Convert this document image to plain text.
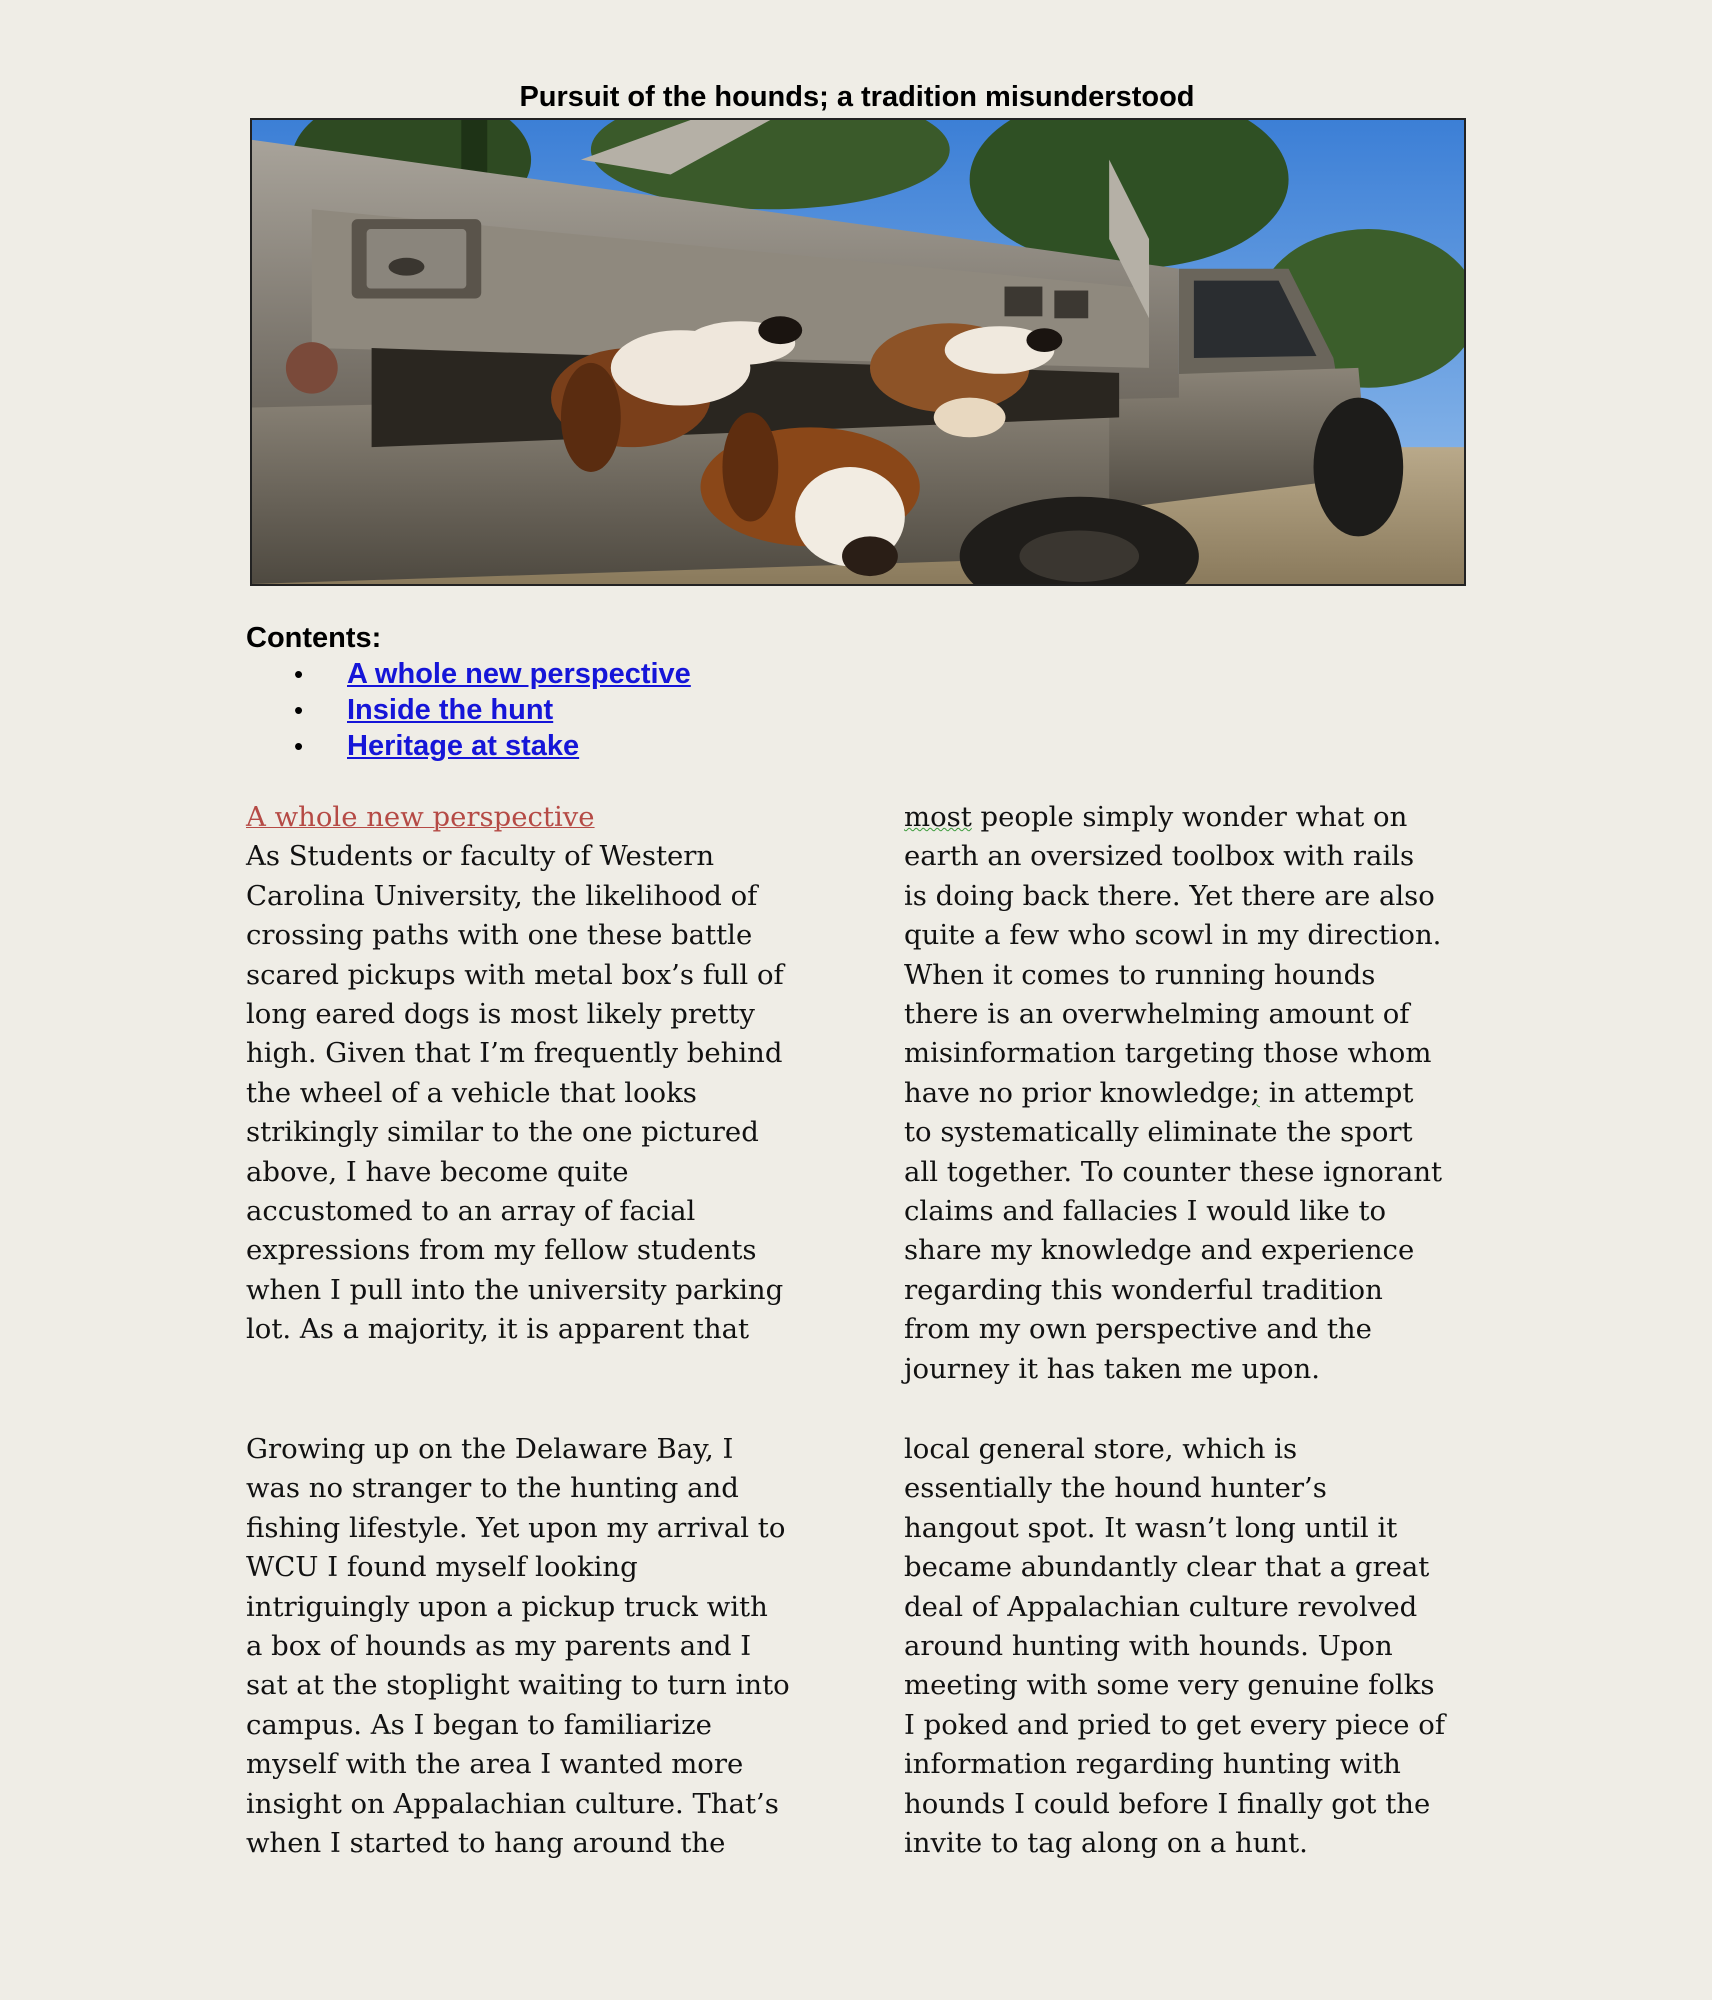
Pursuit of the hounds; a tradition misunderstood
Contents:
• A whole new perspective
• Inside the hunt
• Heritage at stake
A whole new perspective
As Students or faculty of Western
Carolina University, the likelihood of
crossing paths with one these battle
scared pickups with metal box’s full of
long eared dogs is most likely pretty
high. Given that I’m frequently behind
the wheel of a vehicle that looks
strikingly similar to the one pictured
above, I have become quite
accustomed to an array of facial
expressions from my fellow students
when I pull into the university parking
lot. As a majority, it is apparent that
most people simply wonder what on
earth an oversized toolbox with rails
is doing back there. Yet there are also
quite a few who scowl in my direction.
When it comes to running hounds
there is an overwhelming amount of
misinformation targeting those whom
have no prior knowledge; in attempt
to systematically eliminate the sport
all together. To counter these ignorant
claims and fallacies I would like to
share my knowledge and experience
regarding this wonderful tradition
from my own perspective and the
journey it has taken me upon.
Growing up on the Delaware Bay, I
was no stranger to the hunting and
fishing lifestyle. Yet upon my arrival to
WCU I found myself looking
intriguingly upon a pickup truck with
a box of hounds as my parents and I
sat at the stoplight waiting to turn into
campus. As I began to familiarize
myself with the area I wanted more
insight on Appalachian culture. That’s
when I started to hang around the
local general store, which is
essentially the hound hunter’s
hangout spot. It wasn’t long until it
became abundantly clear that a great
deal of Appalachian culture revolved
around hunting with hounds. Upon
meeting with some very genuine folks
I poked and pried to get every piece of
information regarding hunting with
hounds I could before I finally got the
invite to tag along on a hunt.
